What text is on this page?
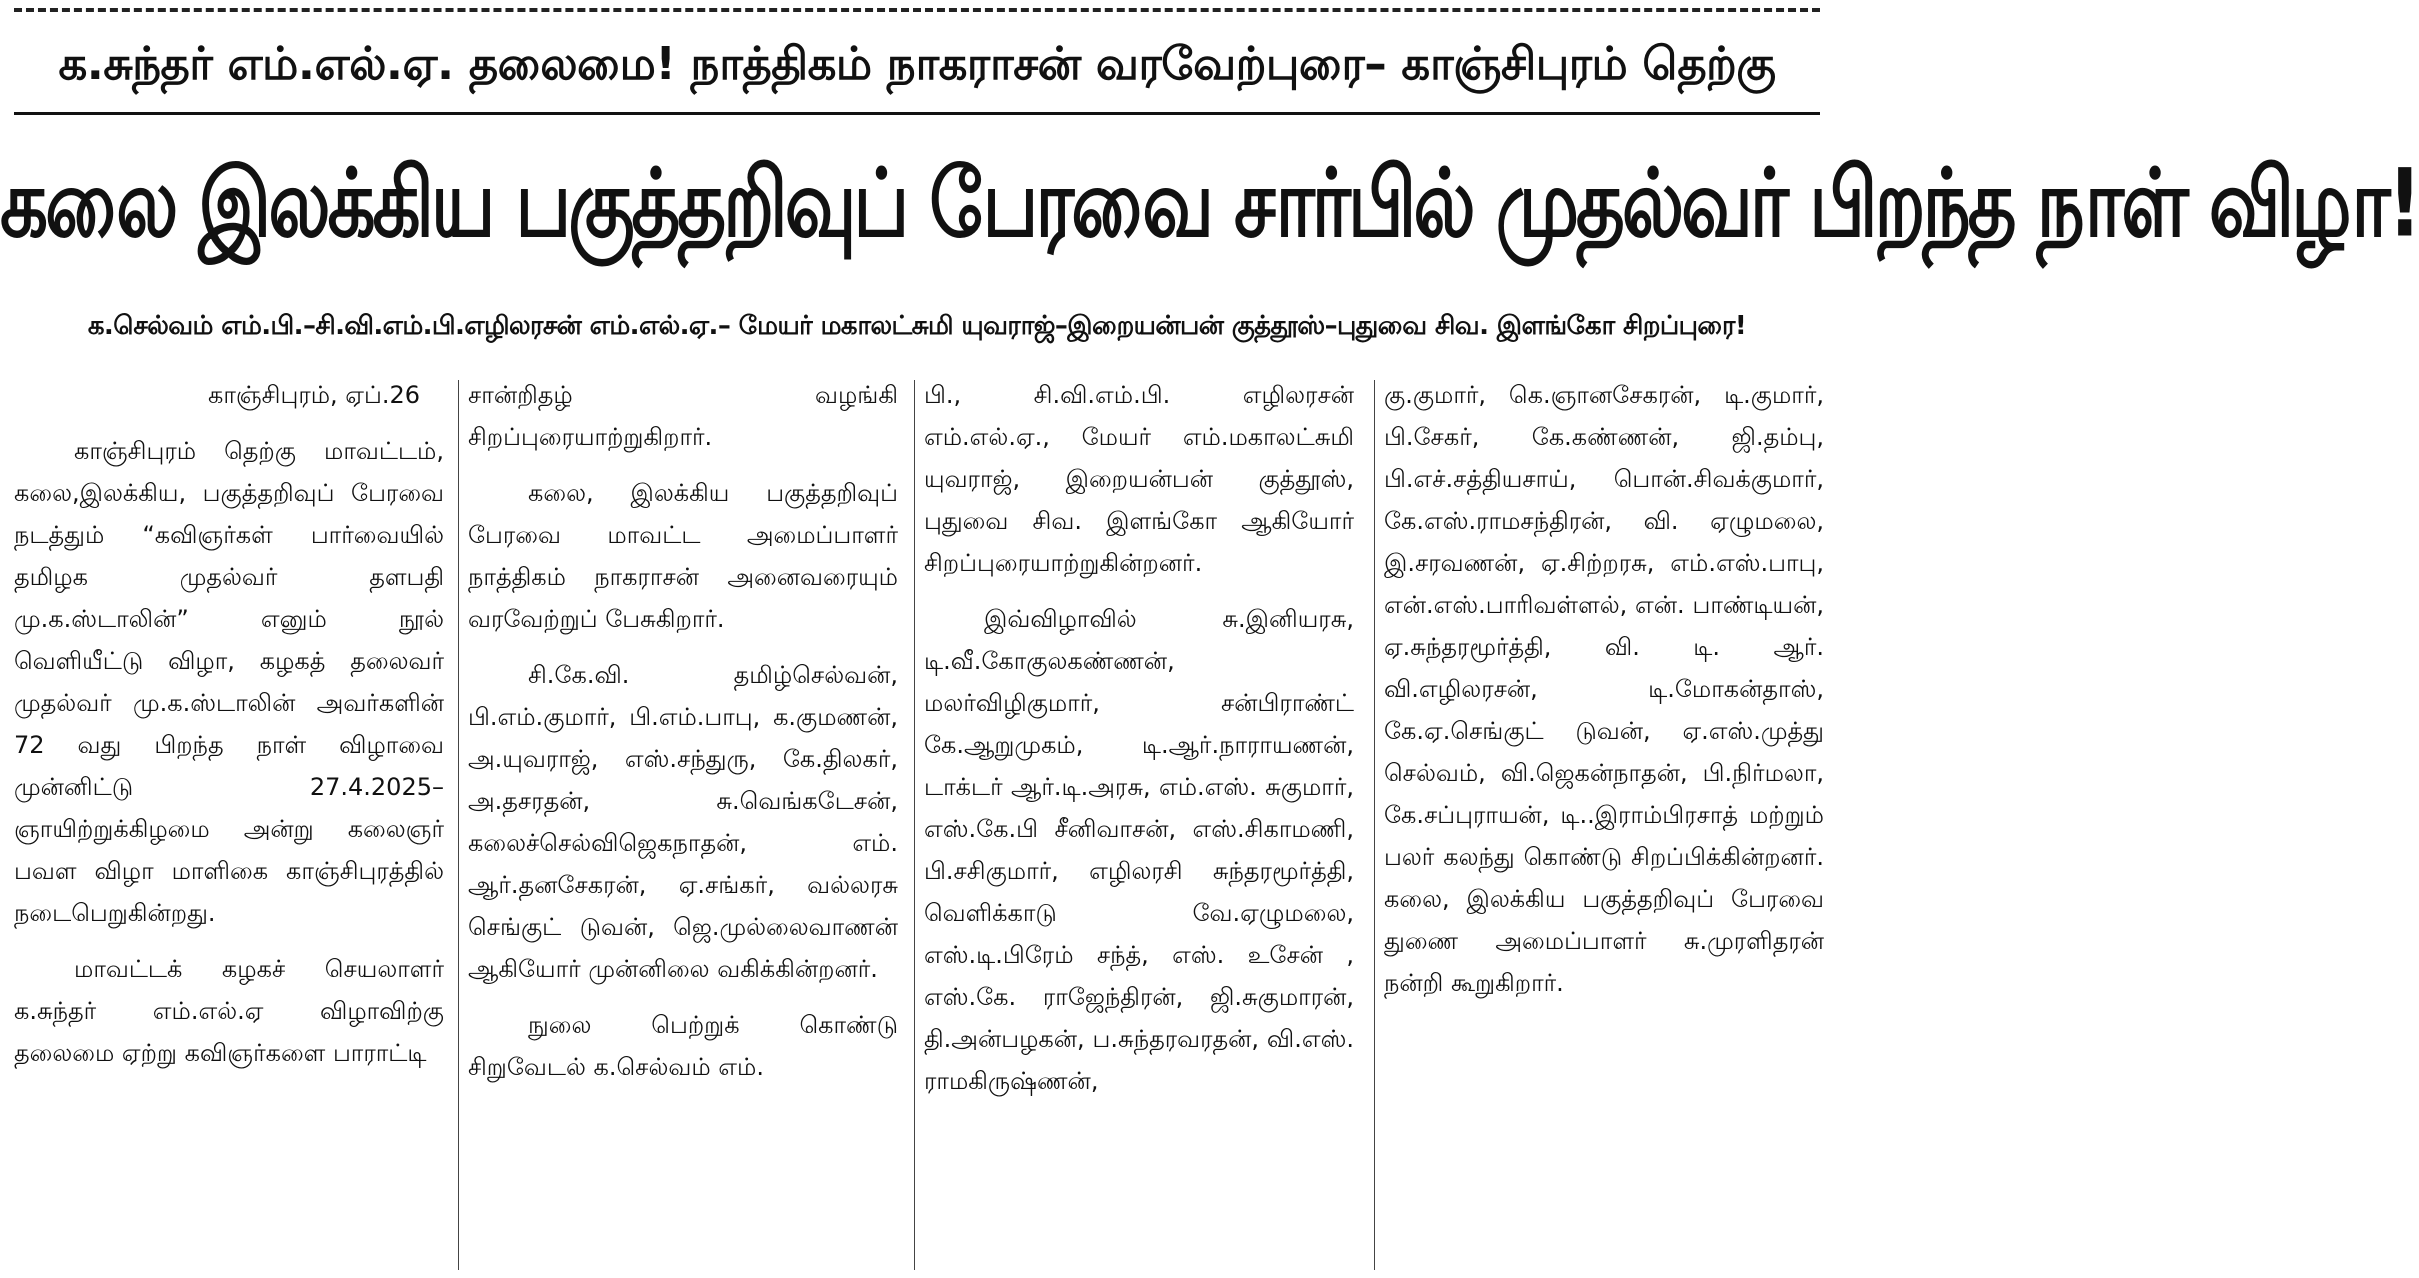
க.சுந்தர் எம்.எல்.ஏ. தலைமை! நாத்திகம் நாகராசன் வரவேற்புரை– காஞ்சிபுரம் தெற்கு
கலை இலக்கிய பகுத்தறிவுப் பேரவை சார்பில் முதல்வர் பிறந்த நாள் விழா!
க.செல்வம் எம்.பி.–சி.வி.எம்.பி.எழிலரசன் எம்.எல்.ஏ.– மேயர் மகாலட்சுமி யுவராஜ்–இறையன்பன் குத்தூஸ்–புதுவை சிவ. இளங்கோ சிறப்புரை!

காஞ்சிபுரம், ஏப்.26

காஞ்சிபுரம் தெற்கு மாவட்டம், கலை,இலக்கிய, பகுத்தறிவுப் பேரவை நடத்தும் “கவிஞர்கள் பார்வையில் தமிழக முதல்வர் தளபதி மு.க.ஸ்டாலின்” எனும் நூல் வெளியீட்டு விழா, கழகத் தலைவர் முதல்வர் மு.க.ஸ்டாலின் அவர்களின் 72 வது பிறந்த நாள் விழாவை முன்னிட்டு 27.4.2025–ஞாயிற்றுக்கிழமை அன்று கலைஞர் பவள விழா மாளிகை காஞ்சிபுரத்தில் நடைபெறுகின்றது.

மாவட்டக் கழகச் செயலாளர் க.சுந்தர் எம்.எல்.ஏ விழாவிற்கு தலைமை ஏற்று கவிஞர்களை பாராட்டி

சான்றிதழ் வழங்கி சிறப்புரையாற்றுகிறார்.

கலை, இலக்கிய பகுத்தறிவுப் பேரவை மாவட்ட அமைப்பாளர் நாத்திகம் நாகராசன் அனைவரையும் வரவேற்றுப் பேசுகிறார்.

சி.கே.வி. தமிழ்செல்வன், பி.எம்.குமார், பி.எம்.பாபு, க.குமணன், அ.யுவராஜ், எஸ்.சந்துரு, கே.திலகர், அ.தசரதன், சு.வெங்கடேசன், கலைச்செல்விஜெகநாதன், எம். ஆர்.தனசேகரன், ஏ.சங்கர், வல்லரசு செங்குட் டுவன், ஜெ.முல்லைவாணன் ஆகியோர் முன்னிலை வகிக்கின்றனர்.

நுலை பெற்றுக் கொண்டு சிறுவேடல் க.செல்வம் எம்.

பி., சி.வி.எம்.பி. எழிலரசன் எம்.எல்.ஏ., மேயர் எம்.மகாலட்சுமி யுவராஜ், இறையன்பன் குத்தூஸ், புதுவை சிவ. இளங்கோ ஆகியோர் சிறப்புரையாற்றுகின்றனர்.

இவ்விழாவில் சு.இனியரசு, டி.வீ.கோகுலகண்ணன், மலர்விழிகுமார், சன்பிராண்ட் கே.ஆறுமுகம், டி.ஆர்.நாராயணன், டாக்டர் ஆர்.டி.அரசு, எம்.எஸ். சுகுமார், எஸ்.கே.பி சீனிவாசன், எஸ்.சிகாமணி, பி.சசிகுமார், எழிலரசி சுந்தரமூர்த்தி, வெளிக்காடு வே.ஏழுமலை, எஸ்.டி.பிரேம் சந்த், எஸ். உசேன் , எஸ்.கே. ராஜேந்திரன், ஜி.சுகுமாரன், தி.அன்பழகன், ப.சுந்தரவரதன், வி.எஸ். ராமகிருஷ்ணன்,

கு.குமார், கெ.ஞானசேகரன், டி.குமார், பி.சேகர், கே.கண்ணன், ஜி.தம்பு, பி.எச்.சத்தியசாய், பொன்.சிவக்குமார், கே.எஸ்.ராமசந்திரன், வி. ஏழுமலை, இ.சரவணன், ஏ.சிற்றரசு, எம்.எஸ்.பாபு, என்.எஸ்.பாரிவள்ளல், என். பாண்டியன், ஏ.சுந்தரமூர்த்தி, வி. டி. ஆர். வி.எழிலரசன், டி.மோகன்தாஸ், கே.ஏ.செங்குட் டுவன், ஏ.எஸ்.முத்து செல்வம், வி.ஜெகன்நாதன், பி.நிர்மலா, கே.சப்புராயன், டி..இராம்பிரசாத் மற்றும் பலர் கலந்து கொண்டு சிறப்பிக்கின்றனர். கலை, இலக்கிய பகுத்தறிவுப் பேரவை துணை அமைப்பாளர் சு.முரளிதரன் நன்றி கூறுகிறார்.
